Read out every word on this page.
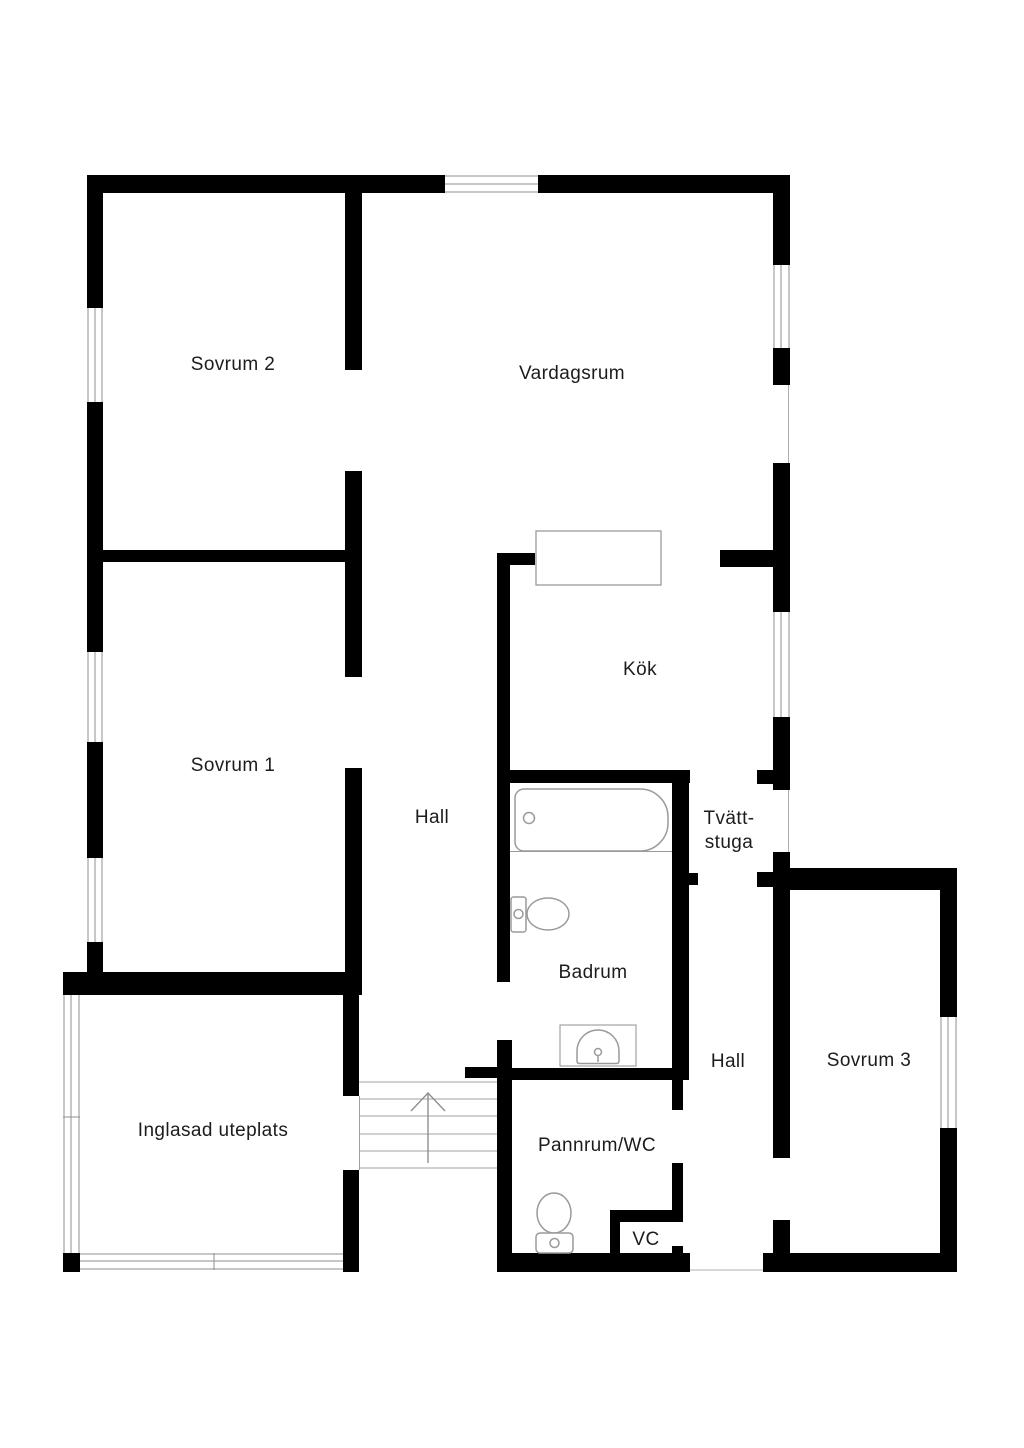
Sovrum 2	Vardagsrum
Sovrum 1
Kök
Hall	Tvätt-
stuga
Badrum
Hall	Sovrum 3
Inglasad uteplats
Pannrum/WC
VC
